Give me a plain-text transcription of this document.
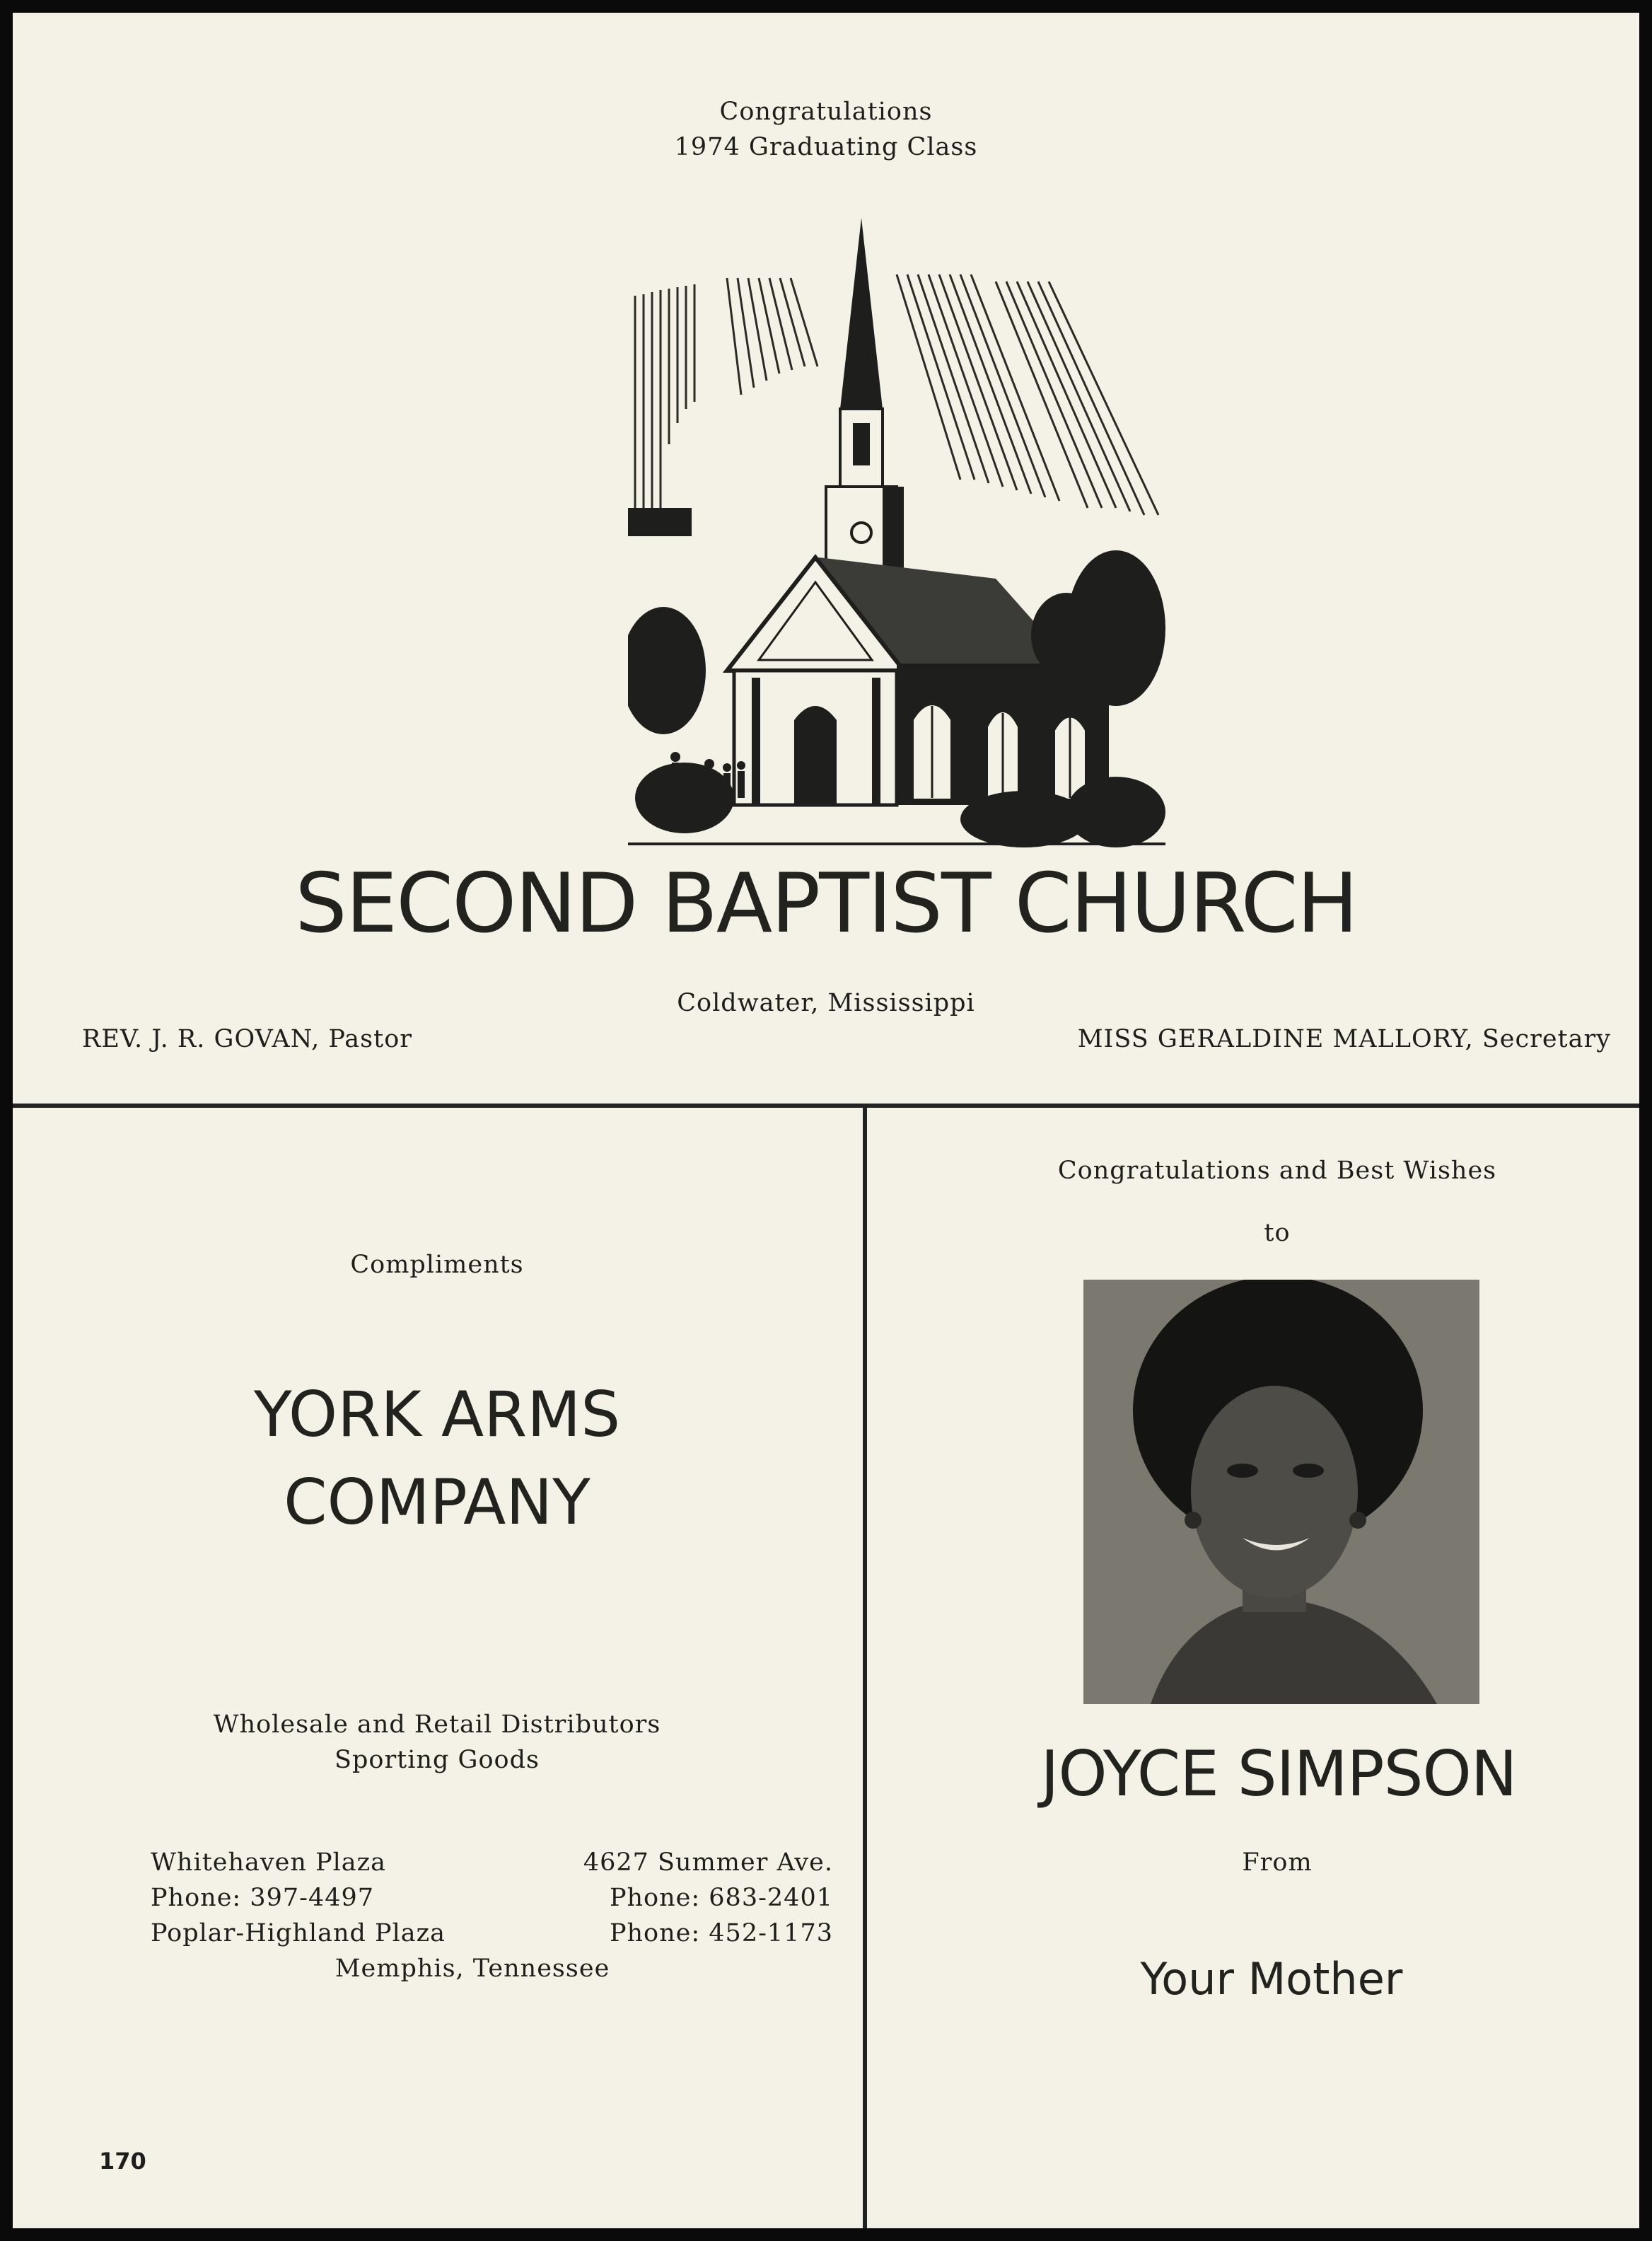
Congratulations
1974 Graduating Class
SECOND BAPTIST CHURCH
Coldwater, Mississippi
REV. J. R. GOVAN, Pastor	MISS GERALDINE MALLORY, Secretary
Compliments
YORK ARMS
COMPANY
Wholesale and Retail Distributors
Sporting Goods
Whitehaven Plaza
Phone: 397-4497
Poplar-Highland Plaza
4627 Summer Ave.
Phone: 683-2401
Phone: 452-1173
Memphis, Tennessee
170
Congratulations and Best Wishes
to
JOYCE SIMPSON
From
Your Mother
